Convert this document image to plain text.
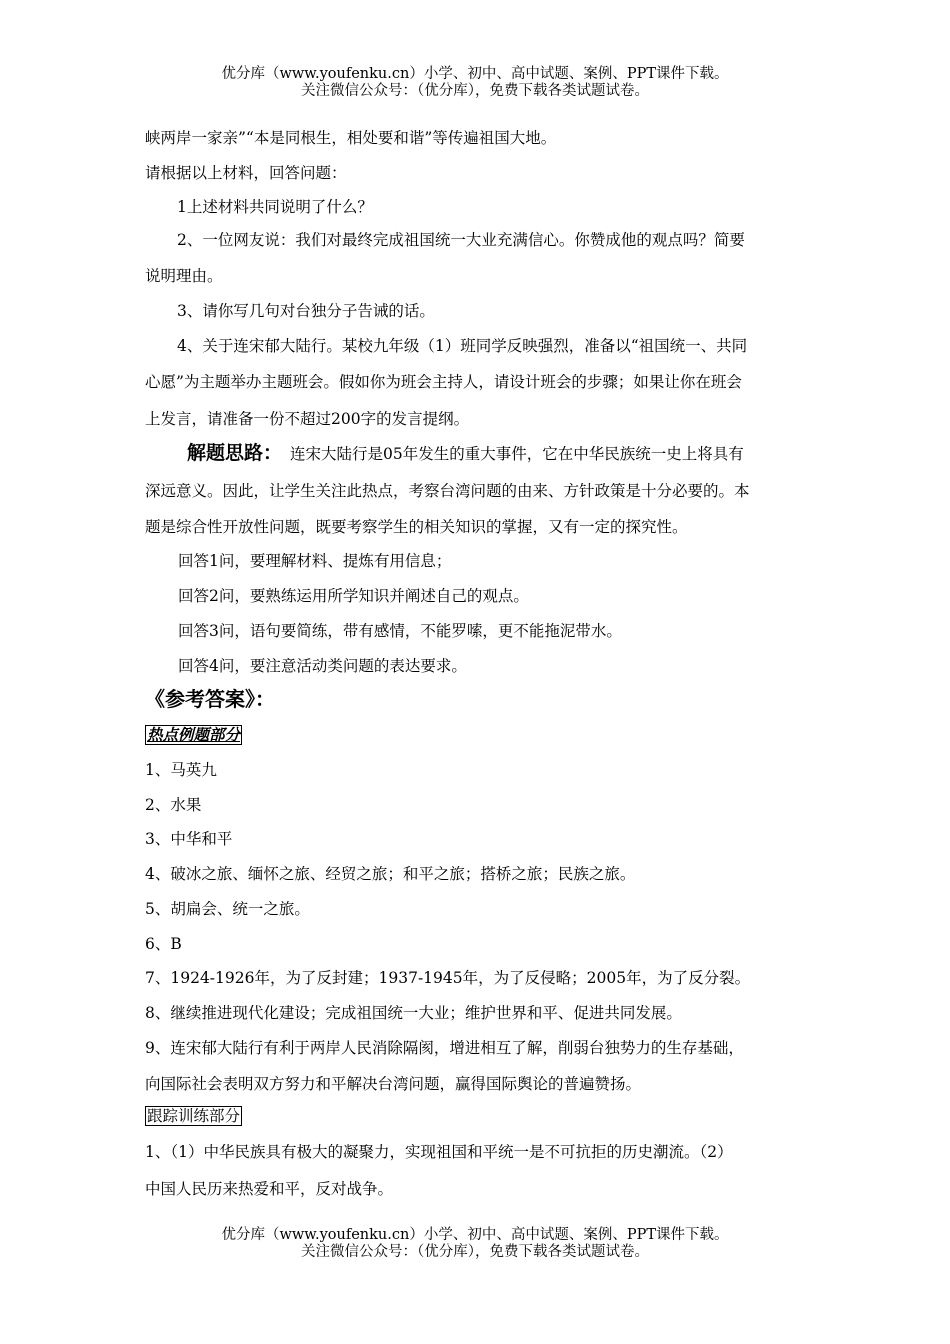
优分库（www.youfenku.cn）小学、初中、高中试题、案例、PPT课件下载。
关注微信公众号：（优分库），免费下载各类试题试卷。
峡两岸一家亲”“本是同根生，相处要和谐”等传遍祖国大地。
请根据以上材料，回答问题：
1上述材料共同说明了什么？
2、一位网友说：我们对最终完成祖国统一大业充满信心。你赞成他的观点吗？简要
说明理由。
3、请你写几句对台独分子告诫的话。
4、关于连宋郁大陆行。某校九年级（1）班同学反映强烈，准备以“祖国统一、共同
心愿”为主题举办主题班会。假如你为班会主持人，请设计班会的步骤；如果让你在班会
上发言，请准备一份不超过200字的发言提纲。
解题思路： 连宋大陆行是05年发生的重大事件，它在中华民族统一史上将具有
深远意义。因此，让学生关注此热点，考察台湾问题的由来、方针政策是十分必要的。本
题是综合性开放性问题，既要考察学生的相关知识的掌握，又有一定的探究性。
回答1问，要理解材料、提炼有用信息；
回答2问，要熟练运用所学知识并阐述自己的观点。
回答3问，语句要简练，带有感情，不能罗嗦，更不能拖泥带水。
回答4问，要注意活动类问题的表达要求。
《参考答案》：
热点例题部分
1、马英九
2、水果
3、中华和平
4、破冰之旅、缅怀之旅、经贸之旅；和平之旅；搭桥之旅；民族之旅。
5、胡扁会、统一之旅。
6、B
7、1924-1926年，为了反封建；1937-1945年，为了反侵略；2005年，为了反分裂。
8、继续推进现代化建设；完成祖国统一大业；维护世界和平、促进共同发展。
9、连宋郁大陆行有利于两岸人民消除隔阂，增进相互了解，削弱台独势力的生存基础，
向国际社会表明双方努力和平解决台湾问题，赢得国际舆论的普遍赞扬。
跟踪训练部分
1、（1）中华民族具有极大的凝聚力，实现祖国和平统一是不可抗拒的历史潮流。（2）
中国人民历来热爱和平，反对战争。
优分库（www.youfenku.cn）小学、初中、高中试题、案例、PPT课件下载。
关注微信公众号：（优分库），免费下载各类试题试卷。
